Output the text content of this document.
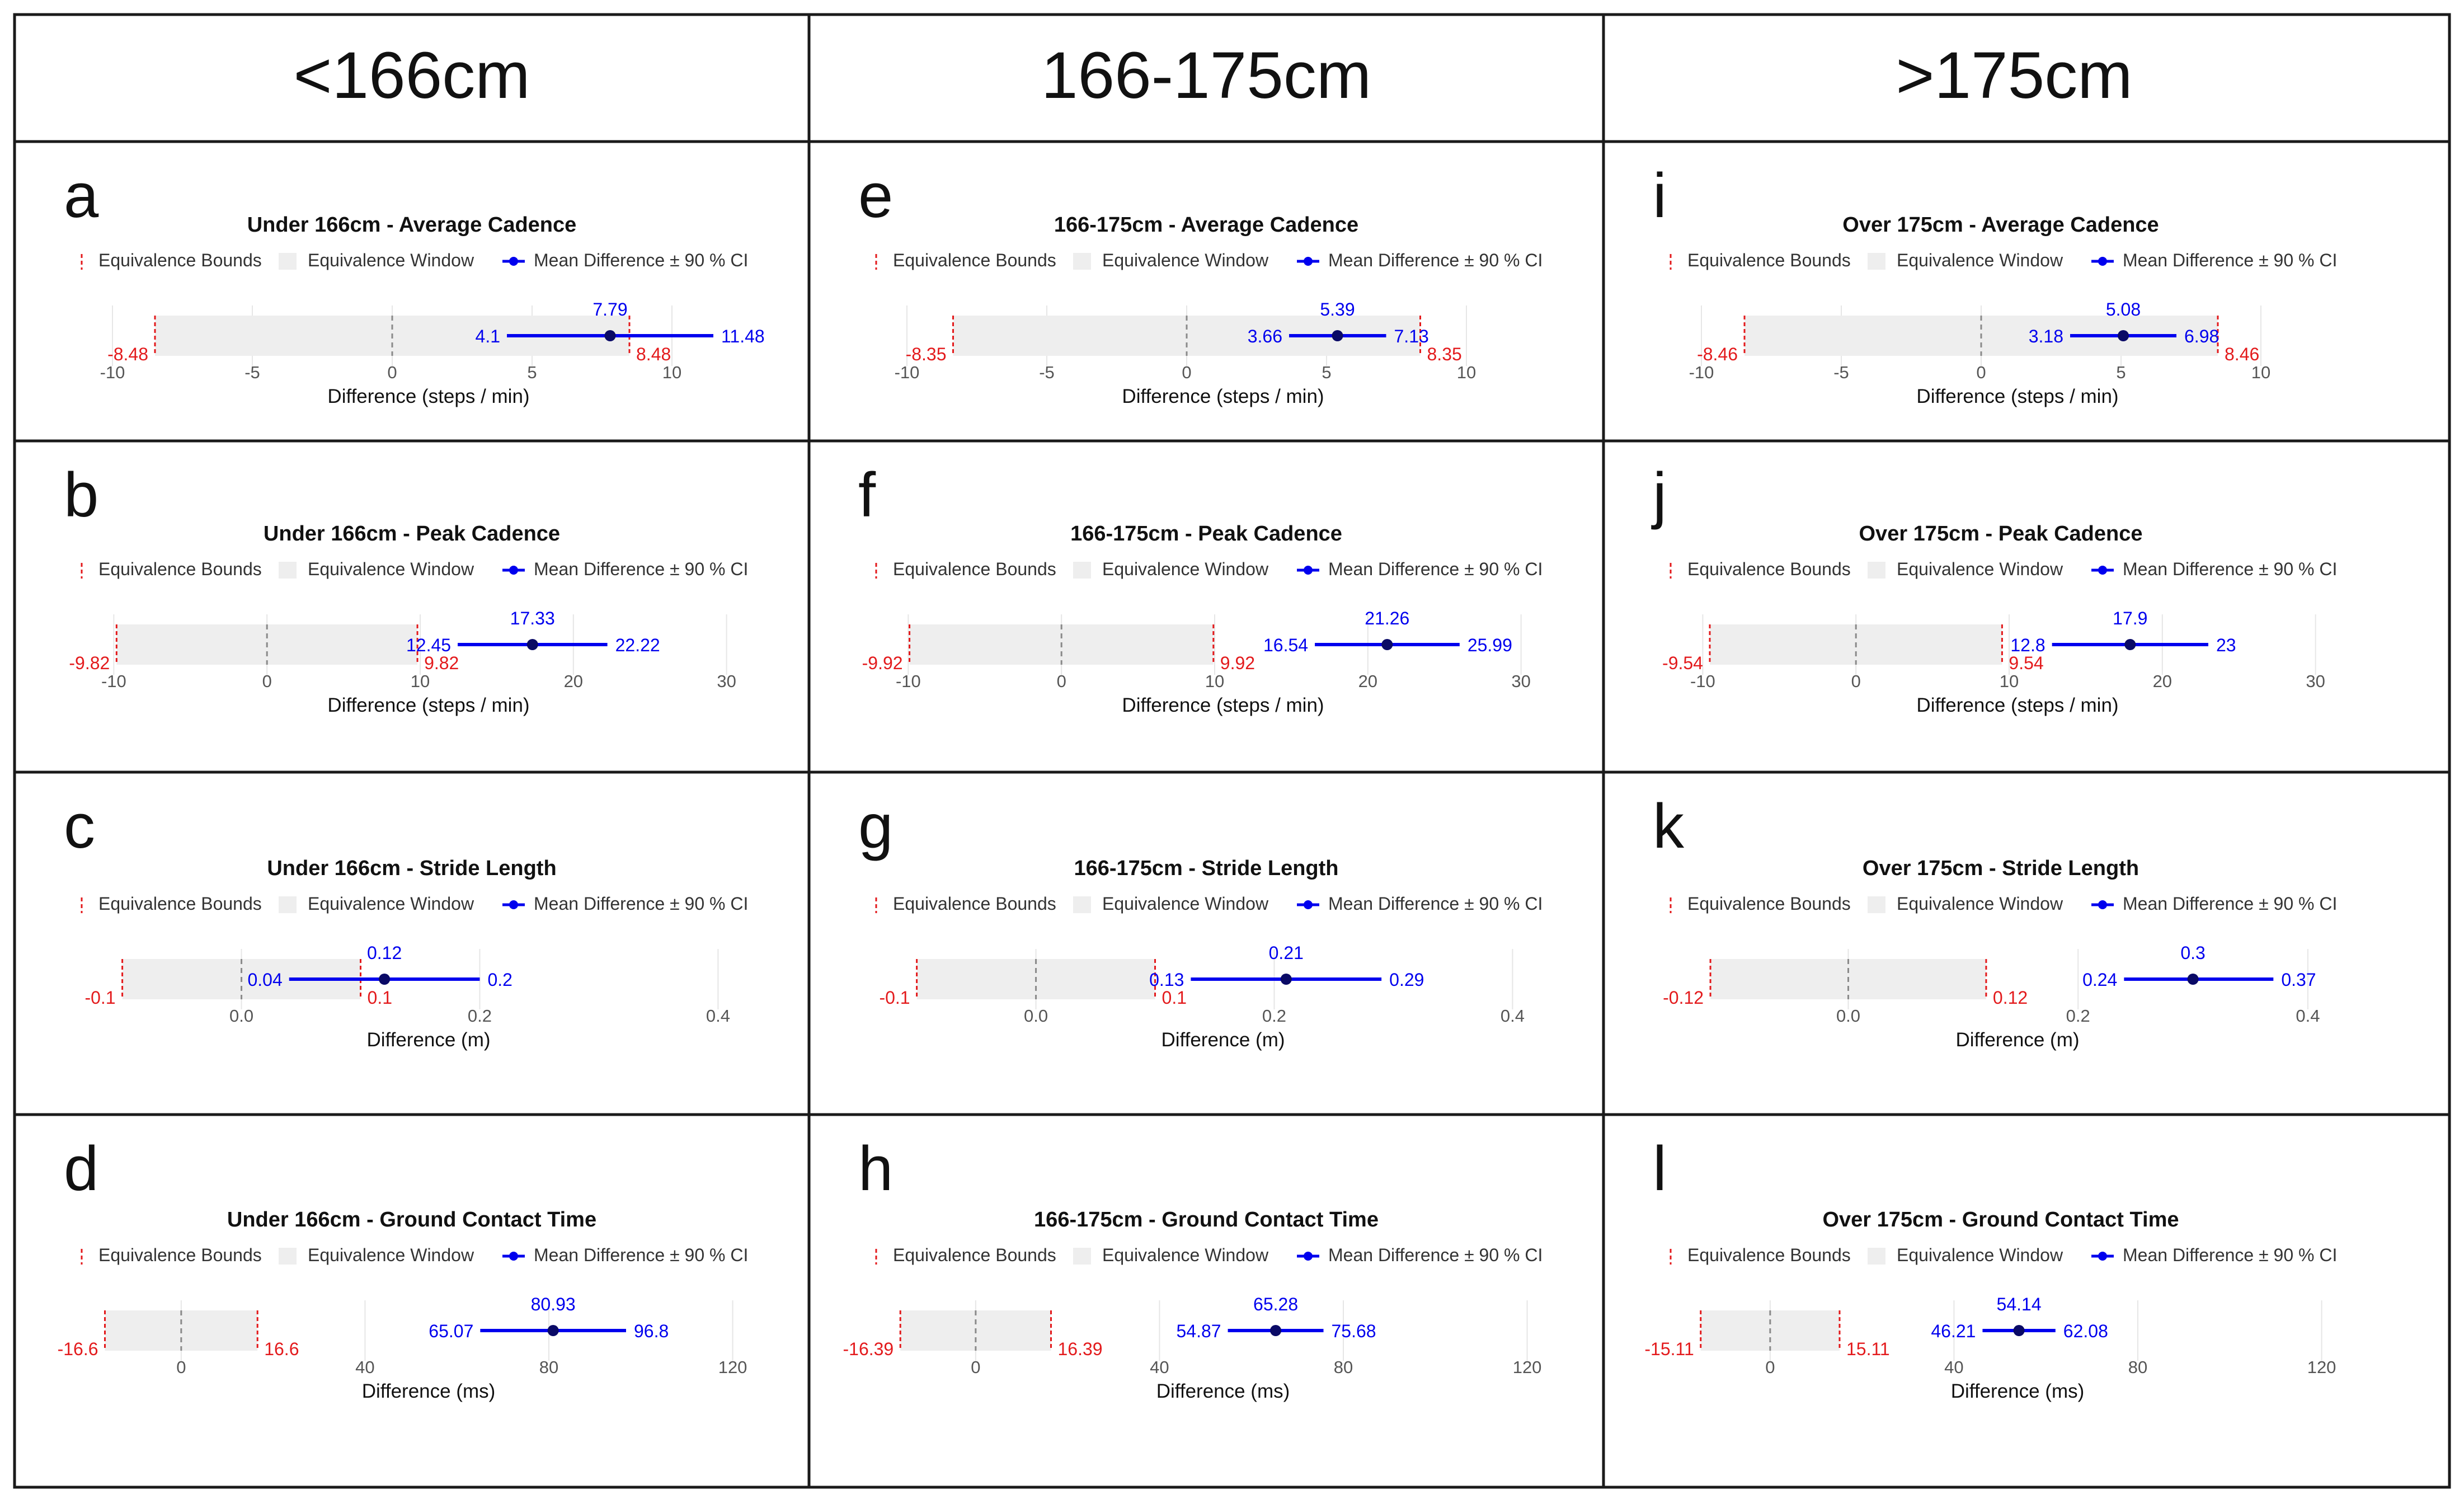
<166cm	166-175cm	>175cm
a	Under 166cm - Average Cadence
Equivalence Bounds	Equivalence Window	Mean Difference ± 90 % CI
-8.48	8.48
4.1	11.48
7.79
-10	-5	0	5	10
Difference (steps / min)
b
Under 166cm - Peak Cadence
Equivalence Bounds	Equivalence Window	Mean Difference ± 90 % CI
-9.82	9.82
12.45	22.22
17.33
-10	0	10	20	30
Difference (steps / min)
c
Under 166cm - Stride Length
Equivalence Bounds	Equivalence Window	Mean Difference ± 90 % CI
-0.1	0.1
0.04	0.2
0.12
0.0	0.2	0.4
Difference (m)
d
Under 166cm - Ground Contact Time
Equivalence Bounds	Equivalence Window	Mean Difference ± 90 % CI
-16.6	16.6
65.07	96.8
80.93
0	40	80	120
Difference (ms)
e	166-175cm - Average Cadence
Equivalence Bounds	Equivalence Window	Mean Difference ± 90 % CI
-8.35	8.35
3.66	7.13
5.39
-10	-5	0	5	10
Difference (steps / min)
f
166-175cm - Peak Cadence
Equivalence Bounds	Equivalence Window	Mean Difference ± 90 % CI
-9.92	9.92
16.54	25.99
21.26
-10	0	10	20	30
Difference (steps / min)
g
166-175cm - Stride Length
Equivalence Bounds	Equivalence Window	Mean Difference ± 90 % CI
-0.1	0.1
0.13	0.29
0.21
0.0	0.2	0.4
Difference (m)
h
166-175cm - Ground Contact Time
Equivalence Bounds	Equivalence Window	Mean Difference ± 90 % CI
-16.39	16.39
54.87	75.68
65.28
0	40	80	120
Difference (ms)
i	Over 175cm - Average Cadence
Equivalence Bounds	Equivalence Window	Mean Difference ± 90 % CI
-8.46	8.46
3.18	6.98
5.08
-10	-5	0	5	10
Difference (steps / min)
j
Over 175cm - Peak Cadence
Equivalence Bounds	Equivalence Window	Mean Difference ± 90 % CI
-9.54	9.54
12.8	23
17.9
-10	0	10	20	30
Difference (steps / min)
k
Over 175cm - Stride Length
Equivalence Bounds	Equivalence Window	Mean Difference ± 90 % CI
-0.12	0.12
0.24	0.37
0.3
0.0	0.2	0.4
Difference (m)
l
Over 175cm - Ground Contact Time
Equivalence Bounds	Equivalence Window	Mean Difference ± 90 % CI
-15.11	15.11
46.21	62.08
54.14
0	40	80	120
Difference (ms)
